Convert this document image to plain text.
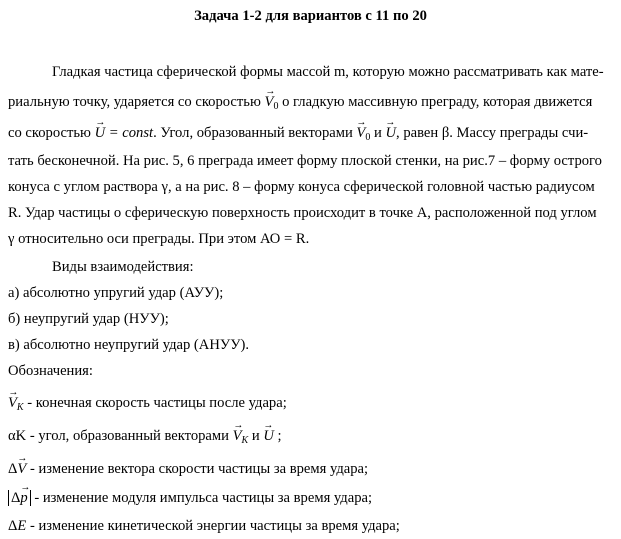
Задача 1-2 для вариантов с 11 по 20
Гладкая частица сферической формы массой m, которую можно рассматривать как мате-
риальную точку, ударяется со скоростью → $V_0$ о гладкую массивную преграду, которая движется
со скоростью → U = const. Угол, образованный векторами → $V_0$ и → U, равен β. Массу преграды счи-
тать бесконечной. На рис. 5, 6 преграда имеет форму плоской стенки, на рис.7 – форму острого
конуса с углом раствора γ, а на рис. 8 – форму конуса сферической головной частью радиусом
R. Удар частицы о сферическую поверхность происходит в точке А, расположенной под углом
γ относительно оси преграды. При этом АО = R.
Виды взаимодействия:
а) абсолютно упругий удар (АУУ);
б) неупругий удар (НУУ);
в) абсолютно неупругий удар (АНУУ).
Обозначения:
→ $V_K$ - конечная скорость частицы после удара;
αK - угол, образованный векторами → $V_K$ и → U ;
Δ→ V - изменение вектора скорости частицы за время удара;
Δ→ p - изменение модуля импульса частицы за время удара;
ΔE - изменение кинетической энергии частицы за время удара;
